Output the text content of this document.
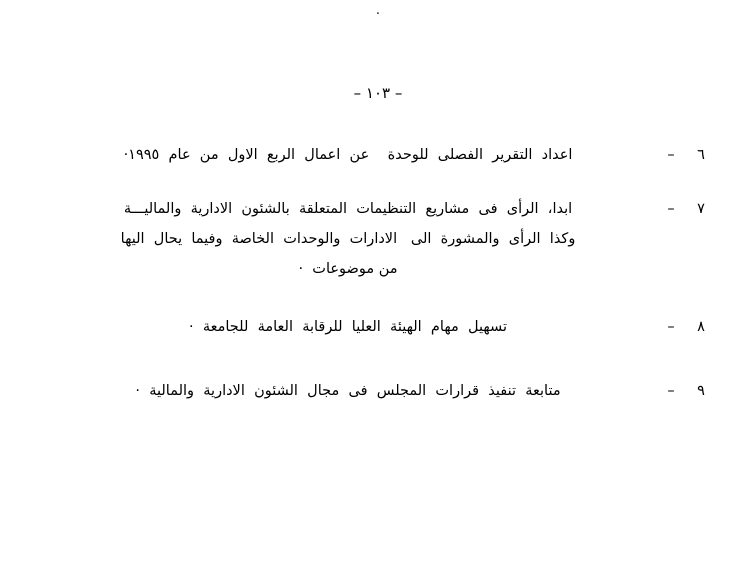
·
– ١٠٣ –
٦
–
اعداد  التقرير  الفصلى  للوحدة    عن  اعمال  الربع  الاول  من  عام  ١٩٩٥·
٧
–
ابدا،  الرأى  فى  مشاريع  التنظيمات  المتعلقة  بالشئون  الادارية  والماليـــة
وكذا  الرأى  والمشورة  الى   الادارات  والوحدات  الخاصة  وفيما  يحال  اليها
من موضوعات  ·
٨
–
تسهيل  مهام  الهيئة  العليا  للرقابة  العامة  للجامعة  ·
٩
–
متابعة  تنفيذ  قرارات  المجلس  فى  مجال  الشئون  الادارية  والمالية  ·
